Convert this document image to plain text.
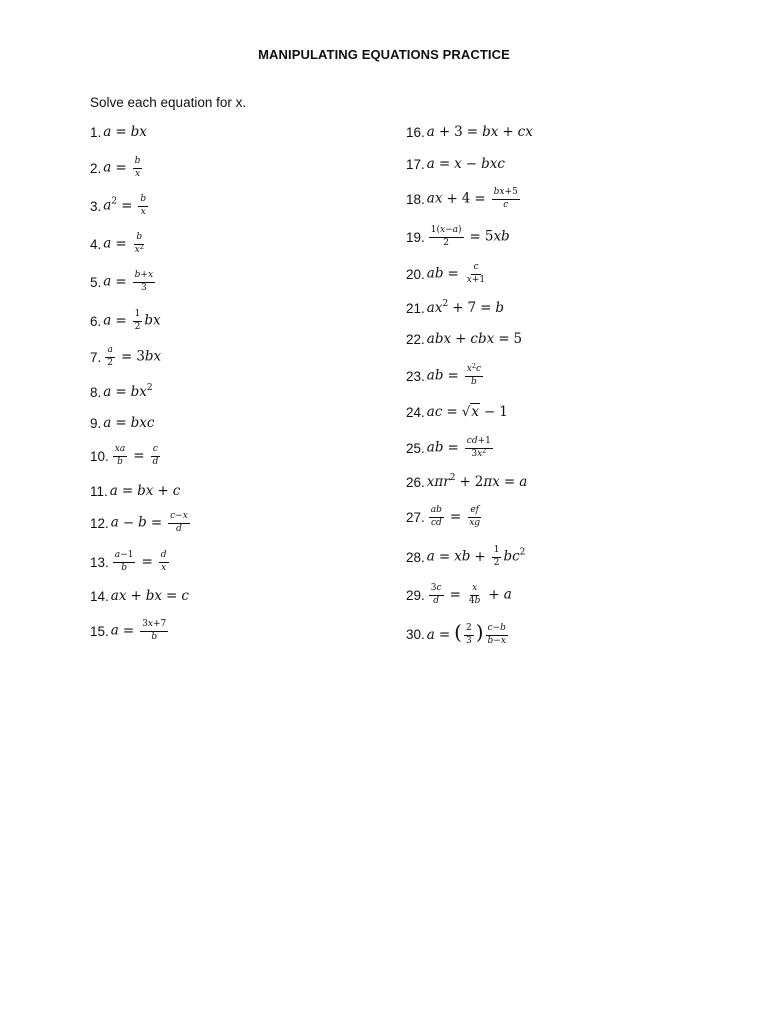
MANIPULATING EQUATIONS PRACTICE
Solve each equation for x.
1. a = bx
2. $a = \frac{b}{x}$
3. $a^2 = \frac{b}{x}$
4. $a = \frac{b}{x^2}$
5. $a = \frac{b+x}{3}$
6. $a = \frac{1}{2}$ bx
7. $\frac{a}{2} = 3bx$
8. $a = bx^2$
9. a = bxc
10. $\frac{xa}{b} = \frac{c}{d}$
11. a = bx + c
12. $a - b = \frac{c-x}{d}$
13. $\frac{a-1}{b} = \frac{d}{x}$
14. ax + bx = c
15. $a = \frac{3x+7}{b}$
16. a + 3 = bx + cx
17. a = x − bxc
18. ax + $4 = \frac{bx+5}{c}$
19. $\frac{1(x-a)}{2} = 5xb$
20. ab = $\frac{c}{x+1}$
21. $ax^2 + 7 = b$
22. abx + cbx = 5
23. ab = $\frac{x^2c}{b}$
24. ac = √x − 1
25. ab = $\frac{cd+1}{3x^2}$
26. xπr$^2$ + 2πx = a
27. $\frac{ab}{cd} = \frac{ef}{xg}$
28. a = xb + $\frac{1}{2} bc^2$
29. $\frac{3c}{d} = \frac{x}{4b} + a$
30. a = ( $\frac{2}{3}$ ) $\frac{c-b}{b-x}$
